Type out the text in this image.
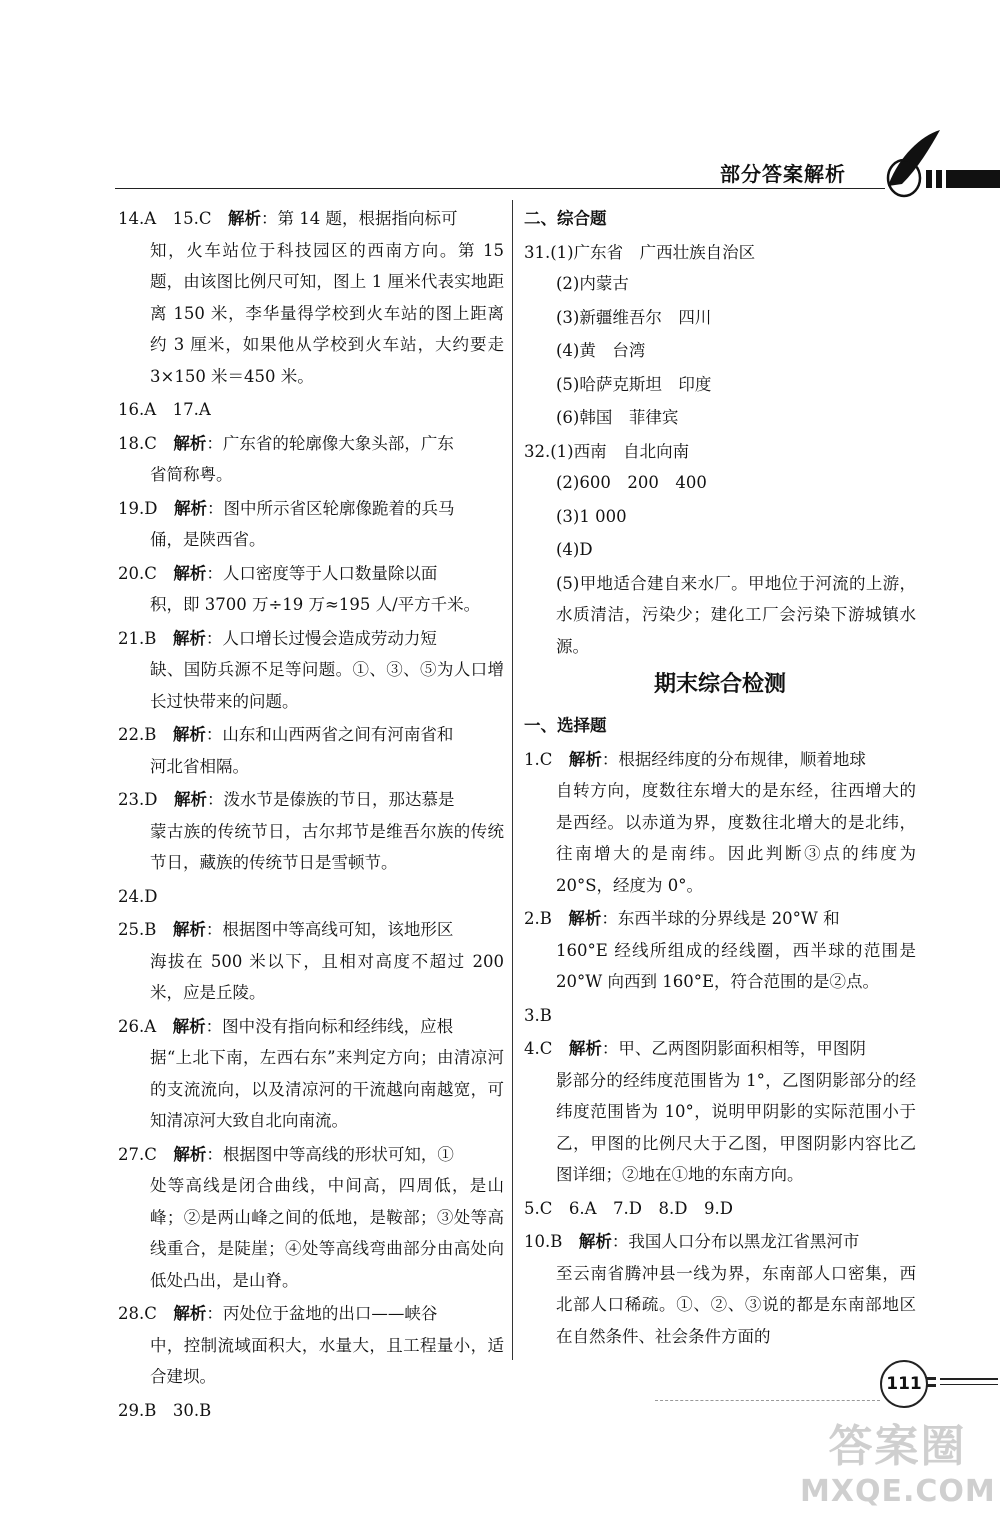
部分答案解析
14.A　15.C　解析：第 14 题，根据指向标可
知，火车站位于科技园区的西南方向。第 15 题，由该图比例尺可知，图上 1 厘米代表实地距离 150 米，李华量得学校到火车站的图上距离约 3 厘米，如果他从学校到火车站，大约要走 3×150 米＝450 米。
16.A　17.A
18.C　解析：广东省的轮廓像大象头部，广东
省简称粤。
19.D　解析：图中所示省区轮廓像跪着的兵马
俑，是陕西省。
20.C　解析：人口密度等于人口数量除以面
积，即 3700 万÷19 万≈195 人/平方千米。
21.B　解析：人口增长过慢会造成劳动力短
缺、国防兵源不足等问题。①、③、⑤为人口增长过快带来的问题。
22.B　解析：山东和山西两省之间有河南省和
河北省相隔。
23.D　解析：泼水节是傣族的节日，那达慕是
蒙古族的传统节日，古尔邦节是维吾尔族的传统节日，藏族的传统节日是雪顿节。
24.D
25.B　解析：根据图中等高线可知，该地形区
海拔在 500 米以下，且相对高度不超过 200 米，应是丘陵。
26.A　解析：图中没有指向标和经纬线，应根
据“上北下南，左西右东”来判定方向；由清凉河的支流流向，以及清凉河的干流越向南越宽，可知清凉河大致自北向南流。
27.C　解析：根据图中等高线的形状可知，①
处等高线是闭合曲线，中间高，四周低，是山峰；②是两山峰之间的低地，是鞍部；③处等高线重合，是陡崖；④处等高线弯曲部分由高处向低处凸出，是山脊。
28.C　解析：丙处位于盆地的出口——峡谷
中，控制流域面积大，水量大，且工程量小，适合建坝。
29.B　30.B
二、综合题
31.(1)广东省　广西壮族自治区
(2)内蒙古
(3)新疆维吾尔　四川
(4)黄　台湾
(5)哈萨克斯坦　印度
(6)韩国　菲律宾
32.(1)西南　自北向南
(2)600　200　400
(3)1 000
(4)D
(5)甲地适合建自来水厂。甲地位于河流的上游，水质清洁，污染少；建化工厂会污染下游城镇水源。
期末综合检测
一、选择题
1.C　解析：根据经纬度的分布规律，顺着地球
自转方向，度数往东增大的是东经，往西增大的是西经。以赤道为界，度数往北增大的是北纬，往南增大的是南纬。因此判断③点的纬度为 20°S，经度为 0°。
2.B　解析：东西半球的分界线是 20°W 和
160°E 经线所组成的经线圈，西半球的范围是 20°W 向西到 160°E，符合范围的是②点。
3.B
4.C　解析：甲、乙两图阴影面积相等，甲图阴
影部分的经纬度范围皆为 1°，乙图阴影部分的经纬度范围皆为 10°，说明甲阴影的实际范围小于乙，甲图的比例尺大于乙图，甲图阴影内容比乙图详细；②地在①地的东南方向。
5.C　6.A　7.D　8.D　9.D
10.B　解析：我国人口分布以黑龙江省黑河市
至云南省腾冲县一线为界，东南部人口密集，西北部人口稀疏。①、②、③说的都是东南部地区在自然条件、社会条件方面的
111
答案圈
MXQE.COM
